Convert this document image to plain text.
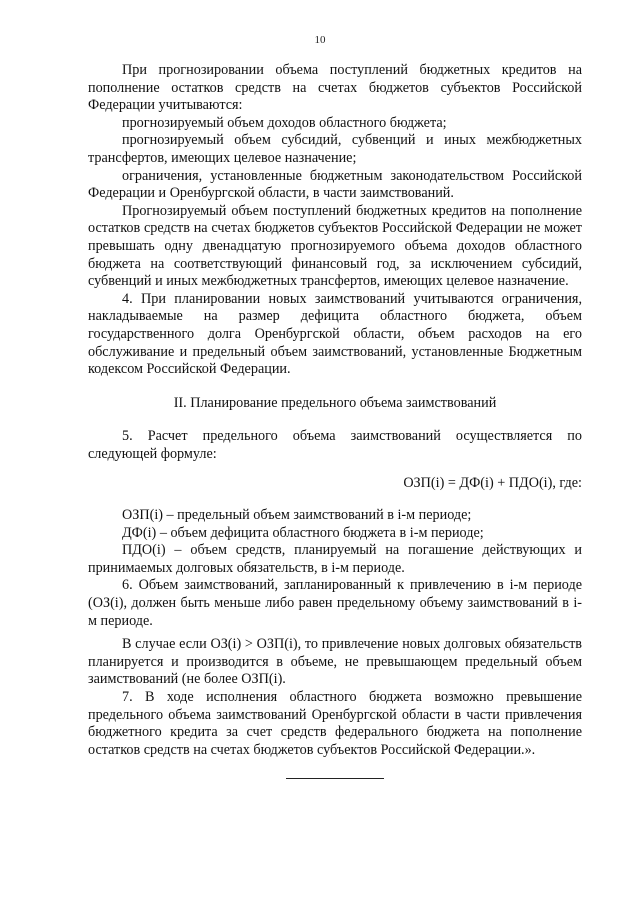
10

При прогнозировании объема поступлений бюджетных кредитов на пополнение остатков средств на счетах бюджетов субъектов Российской Федерации учитываются:

прогнозируемый объем доходов областного бюджета;

прогнозируемый объем субсидий, субвенций и иных межбюджетных трансфертов, имеющих целевое назначение;

ограничения, установленные бюджетным законодательством Российской Федерации и Оренбургской области, в части заимствований.

Прогнозируемый объем поступлений бюджетных кредитов на пополнение остатков средств на счетах бюджетов субъектов Российской Федерации не может превышать одну двенадцатую прогнозируемого объема доходов областного бюджета на соответствующий финансовый год, за исключением субсидий, субвенций и иных межбюджетных трансфертов, имеющих целевое назначение.

4. При планировании новых заимствований учитываются ограничения, накладываемые на размер дефицита областного бюджета, объем государственного долга Оренбургской области, объем расходов на его обслуживание и предельный объем заимствований, установленные Бюджетным кодексом Российской Федерации.

II. Планирование предельного объема заимствований

5. Расчет предельного объема заимствований осуществляется по следующей формуле:

ОЗП(i) = ДФ(i) + ПДО(i), где:

ОЗП(i) – предельный объем заимствований в i-м периоде;

ДФ(i) – объем дефицита областного бюджета в i-м периоде;

ПДО(i) – объем средств, планируемый на погашение действующих и принимаемых долговых обязательств, в i-м периоде.

6. Объем заимствований, запланированный к привлечению в i-м периоде (ОЗ(i), должен быть меньше либо равен предельному объему заимствований в i-м периоде.

В случае если ОЗ(i) > ОЗП(i), то привлечение новых долговых обязательств планируется и производится в объеме, не превышающем предельный объем заимствований (не более ОЗП(i).

7. В ходе исполнения областного бюджета возможно превышение предельного объема заимствований Оренбургской области в части привлечения бюджетного кредита за счет средств федерального бюджета на пополнение остатков средств на счетах бюджетов субъектов Российской Федерации.».
